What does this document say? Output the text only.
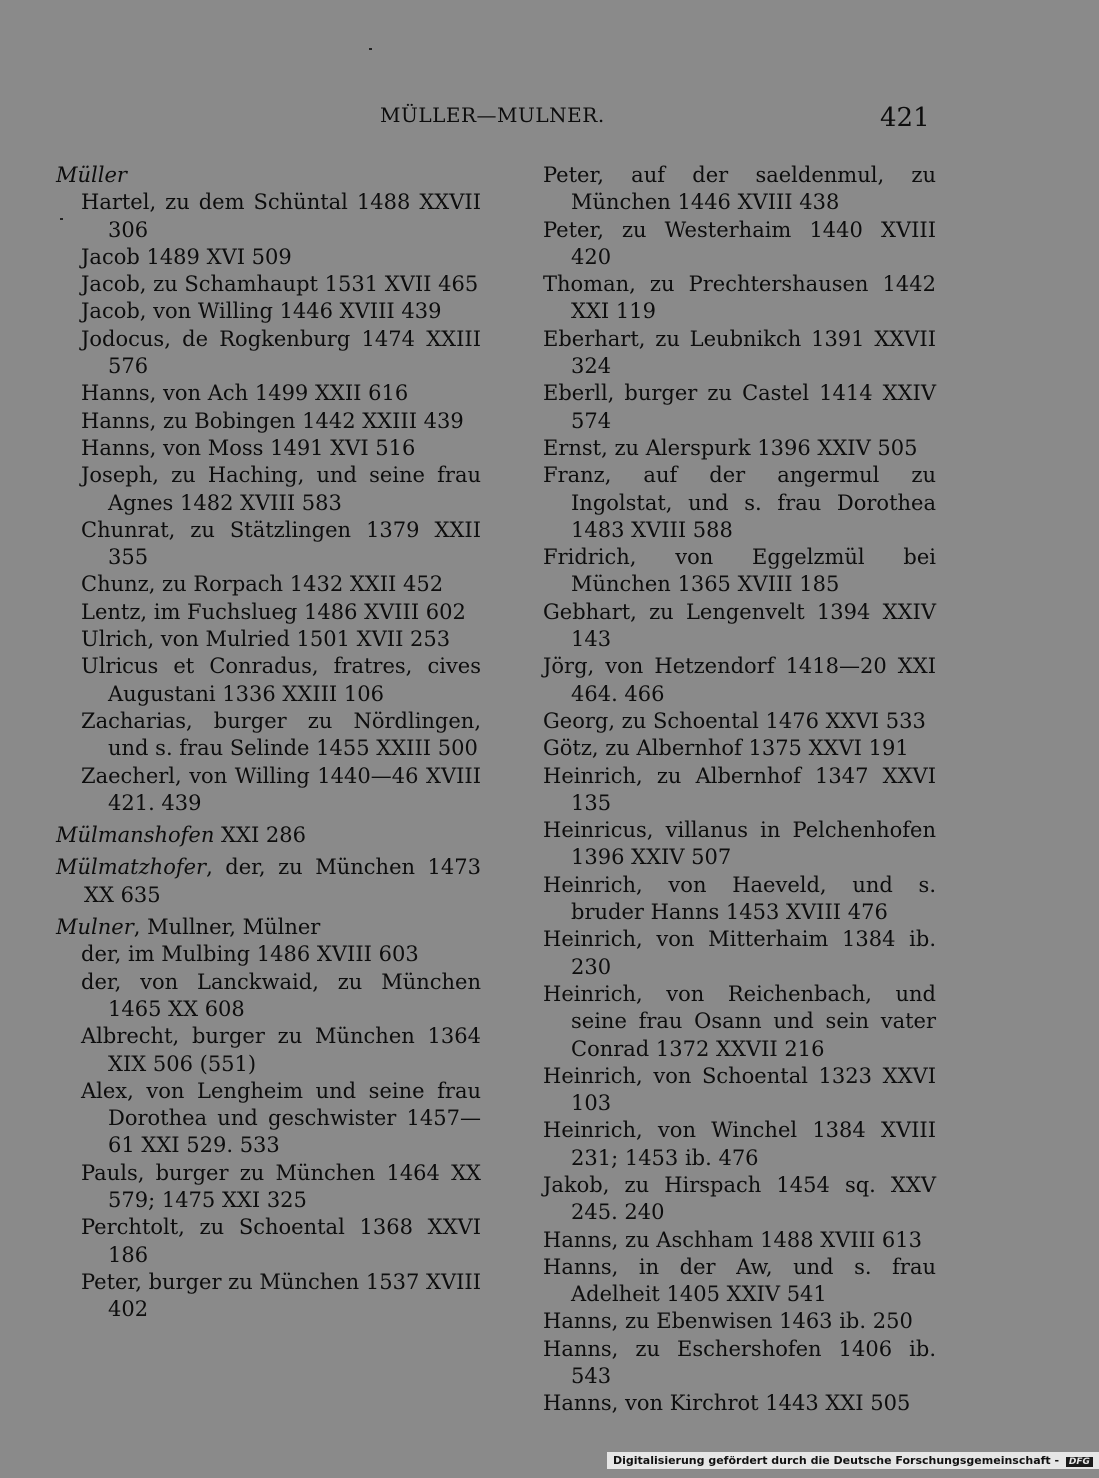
MÜLLER—MULNER.	421
Müller
Hartel, zu dem Schüntal 1488 XXVII 306
Jacob 1489 XVI 509
Jacob, zu Schamhaupt 1531 XVII 465
Jacob, von Willing 1446 XVIII 439
Jodocus, de Rogkenburg 1474 XXIII 576
Hanns, von Ach 1499 XXII 616
Hanns, zu Bobingen 1442 XXIII 439
Hanns, von Moss 1491 XVI 516
Joseph, zu Haching, und seine frau Agnes 1482 XVIII 583
Chunrat, zu Stätzlingen 1379 XXII 355
Chunz, zu Rorpach 1432 XXII 452
Lentz, im Fuchslueg 1486 XVIII 602
Ulrich, von Mulried 1501 XVII 253
Ulricus et Conradus, fratres, cives Augustani 1336 XXIII 106
Zacharias, burger zu Nördlingen, und s. frau Selinde 1455 XXIII 500
Zaecherl, von Willing 1440—46 XVIII 421. 439
Mülmanshofen XXI 286
Mülmatzhofer, der, zu München 1473 XX 635
Mulner, Mullner, Mülner
der, im Mulbing 1486 XVIII 603
der, von Lanckwaid, zu München 1465 XX 608
Albrecht, burger zu München 1364 XIX 506 (551)
Alex, von Lengheim und seine frau Dorothea und geschwister 1457—61 XXI 529. 533
Pauls, burger zu München 1464 XX 579; 1475 XXI 325
Perchtolt, zu Schoental 1368 XXVI 186
Peter, burger zu München 1537 XVIII 402
Peter, auf der saeldenmul, zu München 1446 XVIII 438
Peter, zu Westerhaim 1440 XVIII 420
Thoman, zu Prechtershausen 1442 XXI 119
Eberhart, zu Leubnikch 1391 XXVII 324
Eberll, burger zu Castel 1414 XXIV 574
Ernst, zu Alerspurk 1396 XXIV 505
Franz, auf der angermul zu Ingolstat, und s. frau Dorothea 1483 XVIII 588
Fridrich, von Eggelzmül bei München 1365 XVIII 185
Gebhart, zu Lengenvelt 1394 XXIV 143
Jörg, von Hetzendorf 1418—20 XXI 464. 466
Georg, zu Schoental 1476 XXVI 533
Götz, zu Albernhof 1375 XXVI 191
Heinrich, zu Albernhof 1347 XXVI 135
Heinricus, villanus in Pelchenhofen 1396 XXIV 507
Heinrich, von Haeveld, und s. bruder Hanns 1453 XVIII 476
Heinrich, von Mitterhaim 1384 ib. 230
Heinrich, von Reichenbach, und seine frau Osann und sein vater Conrad 1372 XXVII 216
Heinrich, von Schoental 1323 XXVI 103
Heinrich, von Winchel 1384 XVIII 231; 1453 ib. 476
Jakob, zu Hirspach 1454 sq. XXV 245. 240
Hanns, zu Aschham 1488 XVIII 613
Hanns, in der Aw, und s. frau Adelheit 1405 XXIV 541
Hanns, zu Ebenwisen 1463 ib. 250
Hanns, zu Eschershofen 1406 ib. 543
Hanns, von Kirchrot 1443 XXI 505
Digitalisierung gefördert durch die Deutsche Forschungsgemeinschaft - DFG
